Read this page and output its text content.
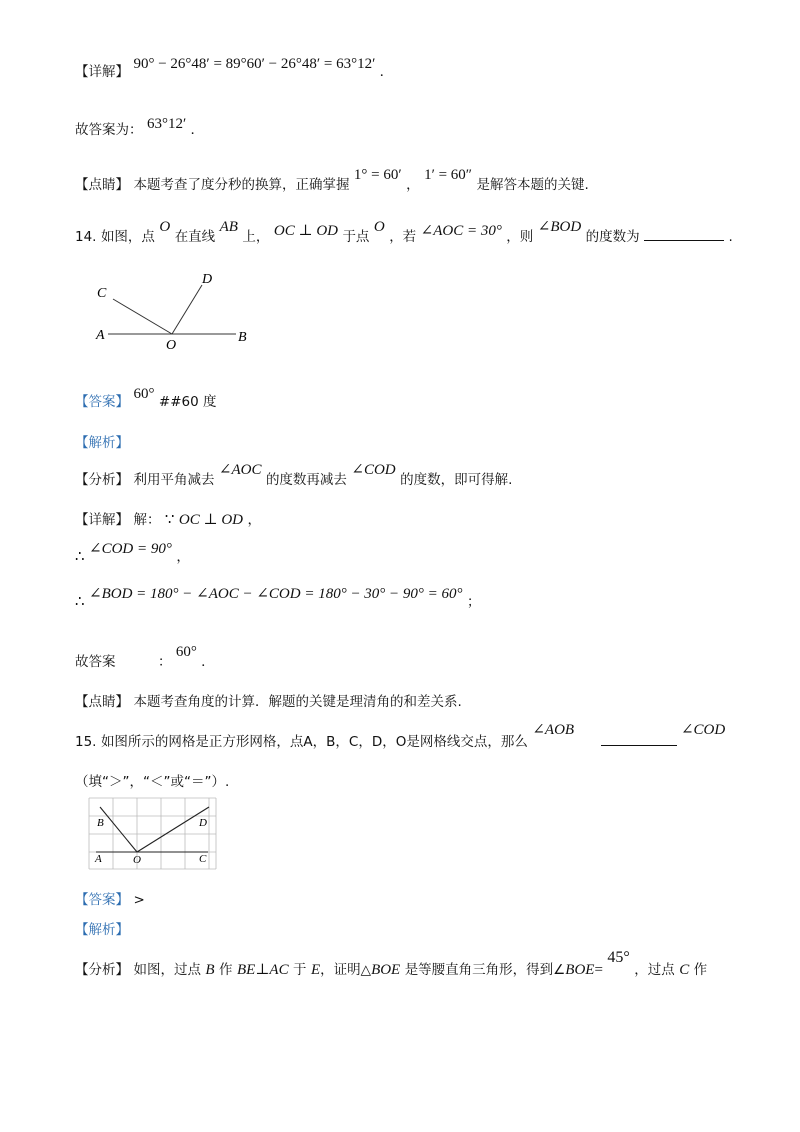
【详解】 90° − 26°48′ = 89°60′ − 26°48′ = 63°12′ .
故答案为： 63°12′ .
【点睛】 本题考查了度分秒的换算，正确掌握 1° = 60′ ， 1′ = 60″ 是解答本题的关键.
14. 如图，点 O 在直线 AB 上， OC ⊥ OD 于点 O ，若 ∠AOC = 30° ，则 ∠BOD 的度数为	.
A	B
C
D
O
【答案】 60° ##60 度
【解析】
【分析】 利用平角减去 ∠AOC 的度数再减去 ∠COD 的度数，即可得解.
【详解】 解： ∵ OC ⊥ OD ，
∴ ∠COD = 90° ，
∴ ∠BOD = 180° − ∠AOC − ∠COD = 180° − 30° − 90° = 60° ；
故答案	： 60° .
【点睛】 本题考查角度的计算．解题的关键是理清角的和差关系.
15. 如图所示的网格是正方形网格，点A，B，C，D，O是网格线交点，那么 ∠AOB	∠COD
（填“＞”，“＜”或“＝”）.
B	D
A	O	C
【答案】 >
【解析】
【分析】 如图，过点 B 作 BE⊥AC 于 E，证明△BOE 是等腰直角三角形，得到∠BOE= 45° ，过点 C 作
